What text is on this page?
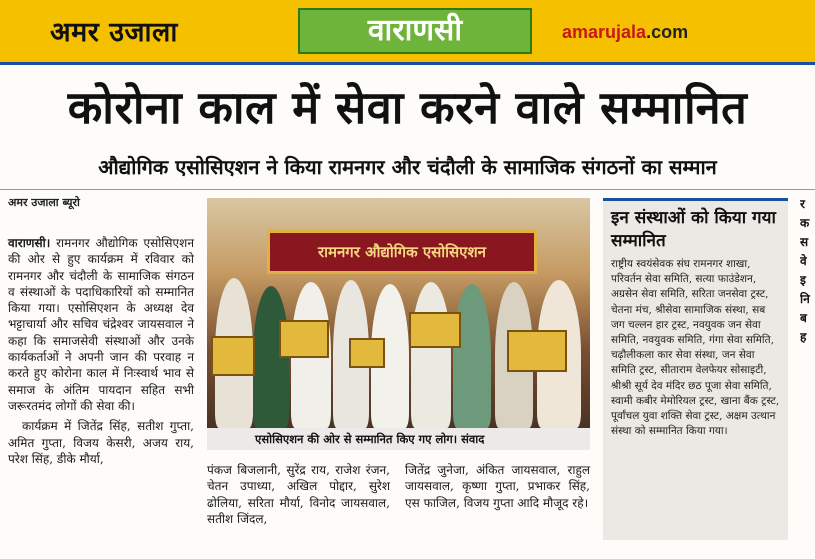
अमर उजाला	वाराणसी	amarujala.com
कोरोना काल में सेवा करने वाले सम्मानित
औद्योगिक एसोसिएशन ने किया रामनगर और चंदौली के सामाजिक संगठनों का सम्मान
अमर उजाला ब्यूरो
वाराणसी। रामनगर औद्योगिक एसोसिएशन की ओर से हुए कार्यक्रम में रविवार को रामनगर और चंदौली के सामाजिक संगठन व संस्थाओं के पदाधिकारियों को सम्मानित किया गया। एसोसिएशन के अध्यक्ष देव भट्टाचार्या और सचिव चंद्रेश्वर जायसवाल ने कहा कि समाजसेवी संस्थाओं और उनके कार्यकर्ताओं ने अपनी जान की परवाह न करते हुए कोरोना काल में निःस्वार्थ भाव से समाज के अंतिम पायदान सहित सभी जरूरतमंद लोगों की सेवा की।
कार्यक्रम में जितेंद्र सिंह, सतीश गुप्ता, अमित गुप्ता, विजय केसरी, अजय राय, परेश सिंह, डीके मौर्या,
रामनगर औद्योगिक एसोसिएशन
एसोसिएशन की ओर से सम्मानित किए गए लोग। संवाद
पंकज बिजलानी, सुरेंद्र राय, राजेश रंजन, चेतन उपाध्या, अखिल पोद्दार, सुरेश ढोलिया, सरिता मौर्या, विनोद जायसवाल, सतीश जिंदल,
जितेंद्र जुनेजा, अंकित जायसवाल, राहुल जायसवाल, कृष्णा गुप्ता, प्रभाकर सिंह, एस फाजिल, विजय गुप्ता आदि मौजूद रहे।
इन संस्थाओं को किया गया सम्मानित
राष्ट्रीय स्वयंसेवक संघ रामनगर शाखा, परिवर्तन सेवा समिति, सत्या फाउंडेशन, अग्रसेन सेवा समिति, सरिता जनसेवा ट्रस्ट, चेतना मंच, श्रीसेवा सामाजिक संस्था, सब जग चल्लन हार ट्रस्ट, नवयुवक जन सेवा समिति, नवयुवक समिति, गंगा सेवा समिति, चढ़ौलीकला कार सेवा संस्था, जन सेवा समिति ट्रस्ट, सीताराम वेलफेयर सोसाइटी, श्रीश्री सूर्य देव मंदिर छठ पूजा सेवा समिति, स्वामी कबीर मेमोरियल ट्रस्ट, खाना बैंक ट्रस्ट, पूर्वांचल युवा शक्ति सेवा ट्रस्ट, अक्षम उत्थान संस्था को सम्मानित किया गया।
र क स वे इ नि ब ह
